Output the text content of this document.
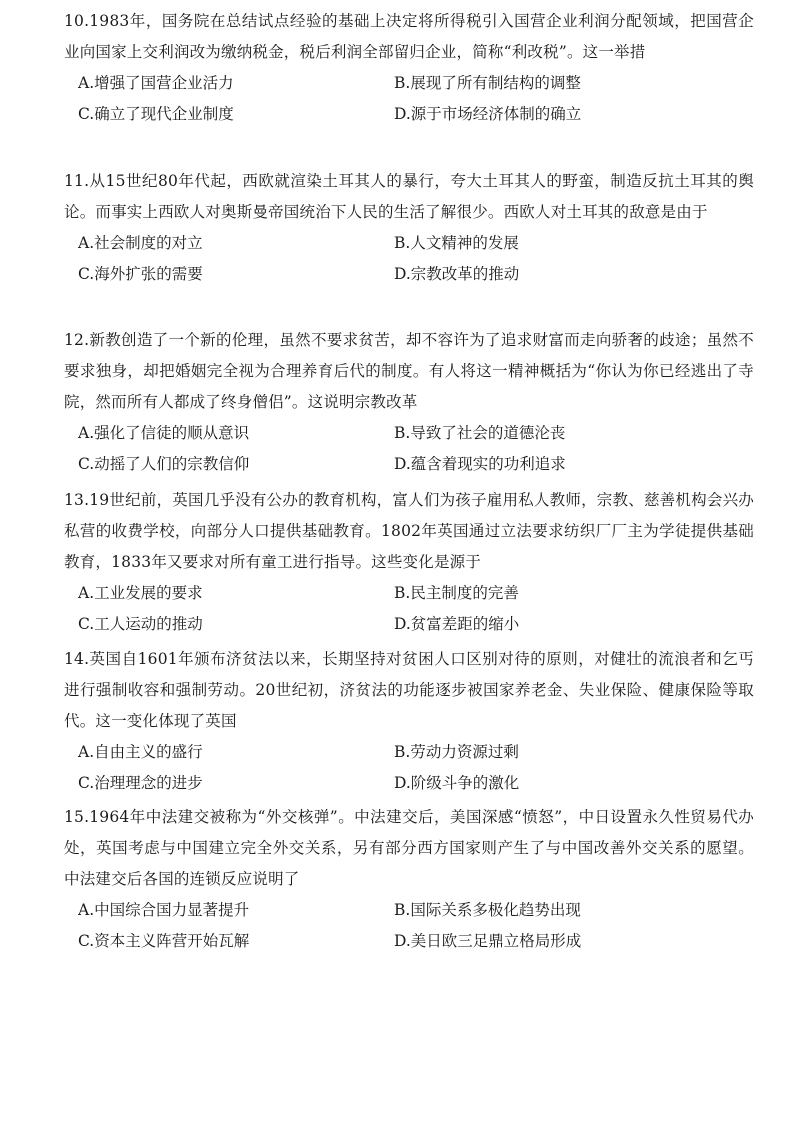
10.1983年，国务院在总结试点经验的基础上决定将所得税引入国营企业利润分配领域，把国营企业向国家上交利润改为缴纳税金，税后利润全部留归企业，简称“利改税”。这一举措

A.增强了国营企业活力	B.展现了所有制结构的调整
C.确立了现代企业制度	D.源于市场经济体制的确立

11.从15世纪80年代起，西欧就渲染土耳其人的暴行，夸大土耳其人的野蛮，制造反抗土耳其的舆论。而事实上西欧人对奥斯曼帝国统治下人民的生活了解很少。西欧人对土耳其的敌意是由于

A.社会制度的对立	B.人文精神的发展
C.海外扩张的需要	D.宗教改革的推动

12.新教创造了一个新的伦理，虽然不要求贫苦，却不容许为了追求财富而走向骄奢的歧途；虽然不要求独身，却把婚姻完全视为合理养育后代的制度。有人将这一精神概括为“你认为你已经逃出了寺院，然而所有人都成了终身僧侣”。这说明宗教改革

A.强化了信徒的顺从意识	B.导致了社会的道德沦丧
C.动摇了人们的宗教信仰	D.蕴含着现实的功利追求

13.19世纪前，英国几乎没有公办的教育机构，富人们为孩子雇用私人教师，宗教、慈善机构会兴办私营的收费学校，向部分人口提供基础教育。1802年英国通过立法要求纺织厂厂主为学徒提供基础教育，1833年又要求对所有童工进行指导。这些变化是源于

A.工业发展的要求	B.民主制度的完善
C.工人运动的推动	D.贫富差距的缩小

14.英国自1601年颁布济贫法以来，长期坚持对贫困人口区别对待的原则，对健壮的流浪者和乞丐进行强制收容和强制劳动。20世纪初，济贫法的功能逐步被国家养老金、失业保险、健康保险等取代。这一变化体现了英国

A.自由主义的盛行	B.劳动力资源过剩
C.治理理念的进步	D.阶级斗争的激化

15.1964年中法建交被称为“外交核弹”。中法建交后，美国深感“愤怒”，中日设置永久性贸易代办处，英国考虑与中国建立完全外交关系，另有部分西方国家则产生了与中国改善外交关系的愿望。中法建交后各国的连锁反应说明了

A.中国综合国力显著提升	B.国际关系多极化趋势出现
C.资本主义阵营开始瓦解	D.美日欧三足鼎立格局形成
